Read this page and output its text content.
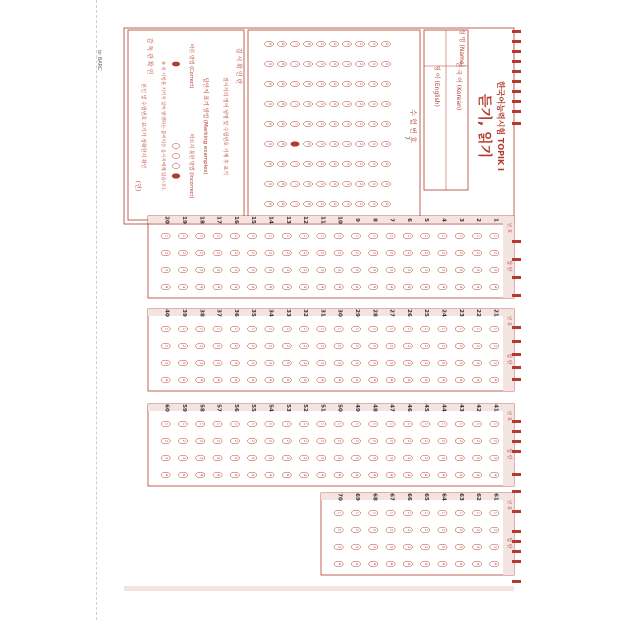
br BARC
한국어능력시험 TOPIK Ⅰ
듣기, 읽기
성 명 (Name)
한 국 어 (Korean)
영 어 (English)
수 험 번 호
0
1
2
3
4
5
6
7
8
9
0
1
2
3
4
5
6
7
8
9
0
1
2
3
4
5
6
7
8
9
0
1
2
3
4
5
6
7
8
9
0
1
2
3
4
5
6
7
8
9
0
1
2
3
4
5
6
8
9
0
1
2
3
4
5
6
7
8
9
0
1
2
3
4
5
6
7
8
9
0
1
2
3
4
5
6
7
8
9
7
결 시 확 인 란
결시자의 영어 성명 및 수험번호 기재 후 표기
답안지 표기 방법 (Marking examples)
바른 방법 (Correct)
바르지 못한 방법 (Incorrect)
※ 위 사항을 지키지 않아 발생하는 불이익은 응시자에게 있습니다.
감 독 관 확 인
본인 및 수험번호 표기가 정확한지 확인
(인)
번 호
답 란
1
1
2
3
4
2
1
2
3
4
3
1
2
3
4
4
1
2
3
4
5
1
2
3
4
6
1
2
3
4
7
1
2
3
4
8
1
2
3
4
9
1
2
3
4
10
1
2
3
4
11
1
2
3
4
12
1
2
3
4
13
1
2
3
4
14
1
2
3
4
15
1
2
3
4
16
1
2
3
4
17
1
2
3
4
18
1
2
3
4
19
1
2
3
4
20
1
2
3
4
번 호
답 란
21
1
2
3
4
22
1
2
3
4
23
1
2
3
4
24
1
2
3
4
25
1
2
3
4
26
1
2
3
4
27
1
2
3
4
28
1
2
3
4
29
1
2
3
4
30
1
2
3
4
31
1
2
3
4
32
1
2
3
4
33
1
2
3
4
34
1
2
3
4
35
1
2
3
4
36
1
2
3
4
37
1
2
3
4
38
1
2
3
4
39
1
2
3
4
40
1
2
3
4
번 호
답 란
41
1
2
3
4
42
1
2
3
4
43
1
2
3
4
44
1
2
3
4
45
1
2
3
4
46
1
2
3
4
47
1
2
3
4
48
1
2
3
4
49
1
2
3
4
50
1
2
3
4
51
1
2
3
4
52
1
2
3
4
53
1
2
3
4
54
1
2
3
4
55
1
2
3
4
56
1
2
3
4
57
1
2
3
4
58
1
2
3
4
59
1
2
3
4
60
1
2
3
4
번 호
답 란
61
1
2
3
4
62
1
2
3
4
63
1
2
3
4
64
1
2
3
4
65
1
2
3
4
66
1
2
3
4
67
1
2
3
4
68
1
2
3
4
69
1
2
3
4
70
1
2
3
4
